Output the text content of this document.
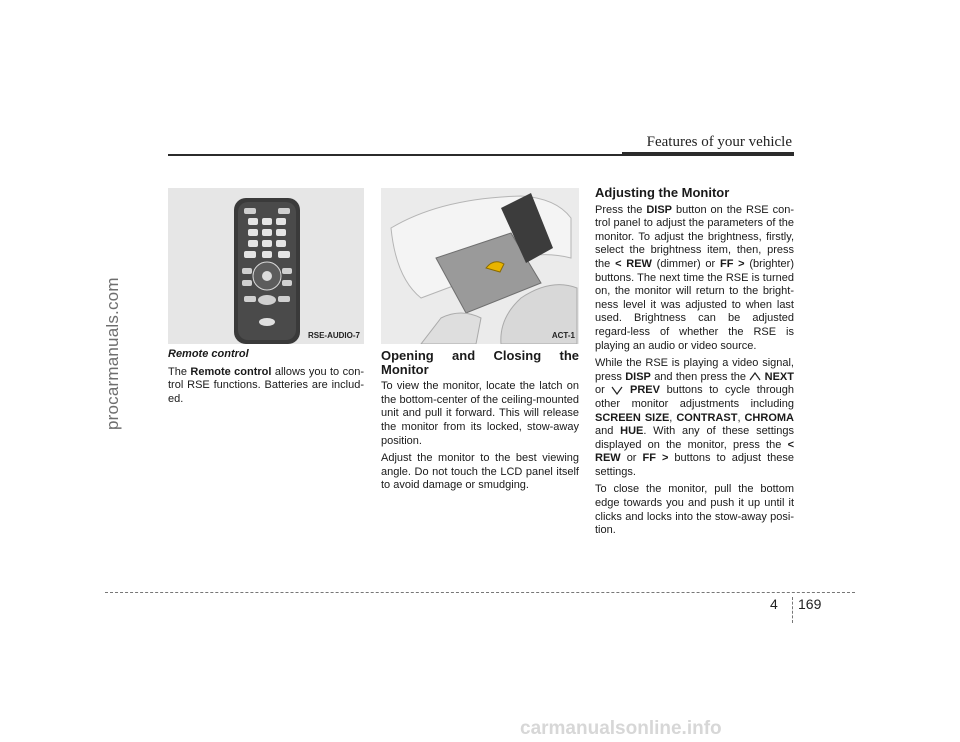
Features of your vehicle
procarmanuals.com	RSE-AUDIO-7	ACT-1

Remote control

The Remote control allows you to con-trol RSE functions. Batteries are includ-ed.

Opening and Closing the Monitor

To view the monitor, locate the latch on the bottom-center of the ceiling-mounted unit and pull it forward. This will release the monitor from its locked, stow-away position.

Adjust the monitor to the best viewing angle. Do not touch the LCD panel itself to avoid damage or smudging.

Adjusting the Monitor

Press the DISP button on the RSE con-trol panel to adjust the parameters of the monitor. To adjust the brightness, firstly, select the brightness item, then, press the < REW (dimmer) or FF > (brighter) buttons. The next time the RSE is turned on, the monitor will return to the bright-ness level it was adjusted to when last used. Brightness can be adjusted regard-less of whether the RSE is playing an audio or video source.

While the RSE is playing a video signal, press DISP and then press the  NEXT or  PREV buttons to cycle through other monitor adjustments including SCREEN SIZE, CONTRAST, CHROMA and HUE. With any of these settings displayed on the monitor, press the < REW or FF > buttons to adjust these settings.

To close the monitor, pull the bottom edge towards you and push it up until it clicks and locks into the stow-away posi-tion.

4 169
carmanualsonline.info
